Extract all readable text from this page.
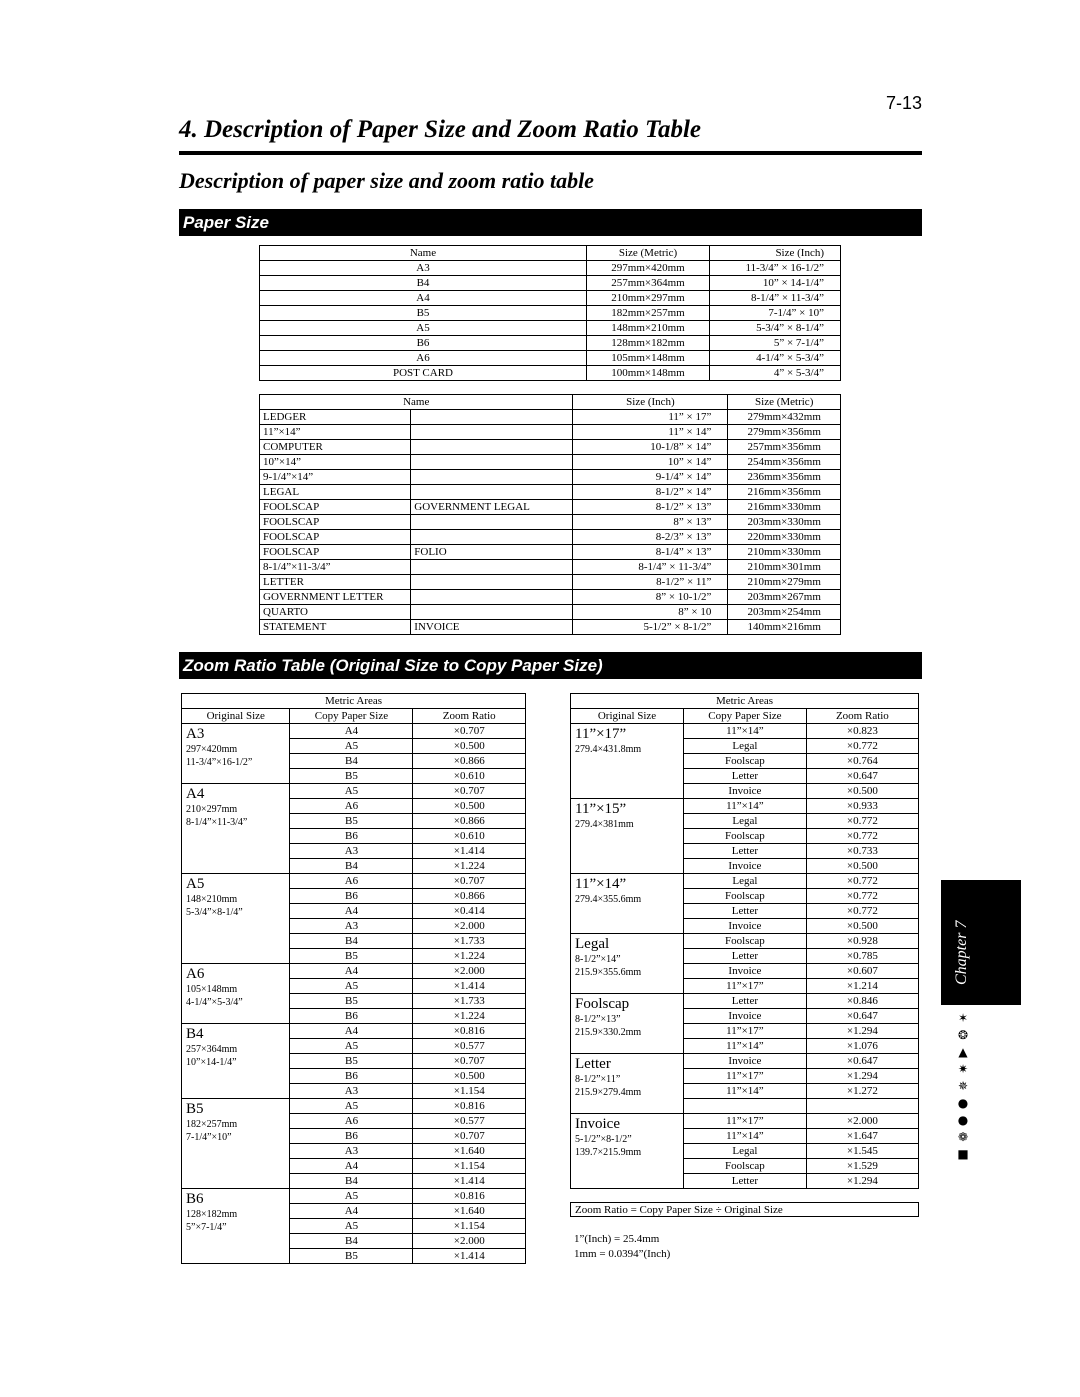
7-13
4. Description of Paper Size and Zoom Ratio Table
Description of paper size and zoom ratio table
Paper Size
Name	Size (Metric)	Size (Inch)
A3	297mm×420mm	11-3/4” × 16-1/2”
B4	257mm×364mm	10” × 14-1/4”
A4	210mm×297mm	8-1/4” × 11-3/4”
B5	182mm×257mm	7-1/4” × 10”
A5	148mm×210mm	5-3/4” × 8-1/4”
B6	128mm×182mm	5” × 7-1/4”
A6	105mm×148mm	4-1/4” × 5-3/4”
POST CARD	100mm×148mm	4” × 5-3/4”
Name		Size (Inch)	Size (Metric)
LEDGER		11” × 17”	279mm×432mm
11”×14”		11” × 14”	279mm×356mm
COMPUTER		10-1/8” × 14”	257mm×356mm
10”×14”		10” × 14”	254mm×356mm
9-1/4”×14”		9-1/4” × 14”	236mm×356mm
LEGAL		8-1/2” × 14”	216mm×356mm
FOOLSCAP	GOVERNMENT LEGAL	8-1/2” × 13”	216mm×330mm
FOOLSCAP		8” × 13”	203mm×330mm
FOOLSCAP		8-2/3” × 13”	220mm×330mm
FOOLSCAP	FOLIO	8-1/4” × 13”	210mm×330mm
8-1/4”×11-3/4”		8-1/4” × 11-3/4”	210mm×301mm
LETTER		8-1/2” × 11”	210mm×279mm
GOVERNMENT LETTER		8” × 10-1/2”	203mm×267mm
QUARTO		8” × 10	203mm×254mm
STATEMENT	INVOICE	5-1/2” × 8-1/2”	140mm×216mm
Zoom Ratio Table (Original Size to Copy Paper Size)
Metric Areas		
Original Size	Copy Paper Size	Zoom Ratio

A3
297×420mm
11-3/4”×16-1/2”	A4	×0.707
	A5	×0.500
	B4	×0.866
	B5	×0.610

A4
210×297mm
8-1/4”×11-3/4”	A5	×0.707
	A6	×0.500
	B5	×0.866
	B6	×0.610
	A3	×1.414
	B4	×1.224

A5
148×210mm
5-3/4”×8-1/4”	A6	×0.707
	B6	×0.866
	A4	×0.414
	A3	×2.000
	B4	×1.733
	B5	×1.224

A6
105×148mm
4-1/4”×5-3/4”	A4	×2.000
	A5	×1.414
	B5	×1.733
	B6	×1.224

B4
257×364mm
10”×14-1/4”	A4	×0.816
	A5	×0.577
	B5	×0.707
	B6	×0.500
	A3	×1.154

B5
182×257mm
7-1/4”×10”	A5	×0.816
	A6	×0.577
	B6	×0.707
	A3	×1.640
	A4	×1.154
	B4	×1.414

B6
128×182mm
5”×7-1/4”	A5	×0.816
	A4	×1.640
	A5	×1.154
	B4	×2.000
	B5	×1.414
Metric Areas		
Original Size	Copy Paper Size	Zoom Ratio

11”×17”
279.4×431.8mm	11”×14”	×0.823
	Legal	×0.772
	Foolscap	×0.764
	Letter	×0.647
	Invoice	×0.500

11”×15”
279.4×381mm	11”×14”	×0.933
	Legal	×0.772
	Foolscap	×0.772
	Letter	×0.733
	Invoice	×0.500

11”×14”
279.4×355.6mm	Legal	×0.772
	Foolscap	×0.772
	Letter	×0.772
	Invoice	×0.500

Legal
8-1/2”×14”
215.9×355.6mm	Foolscap	×0.928
	Letter	×0.785
	Invoice	×0.607
	11”×17”	×1.214

Foolscap
8-1/2”×13”
215.9×330.2mm	Letter	×0.846
	Invoice	×0.647
	11”×17”	×1.294
	11”×14”	×1.076

Letter
8-1/2”×11”
215.9×279.4mm	Invoice	×0.647
	11”×17”	×1.294
	11”×14”	×1.272

Invoice
5-1/2”×8-1/2”
139.7×215.9mm	11”×17”	×2.000
	11”×14”	×1.647
	Legal	×1.545
	Foolscap	×1.529
	Letter	×1.294
Zoom Ratio = Copy Paper Size ÷ Original Size
1”(Inch) = 25.4mm
1mm = 0.0394”(Inch)
Chapter 7
✶
❂
▲
✷
✵
●
●
❁
■
